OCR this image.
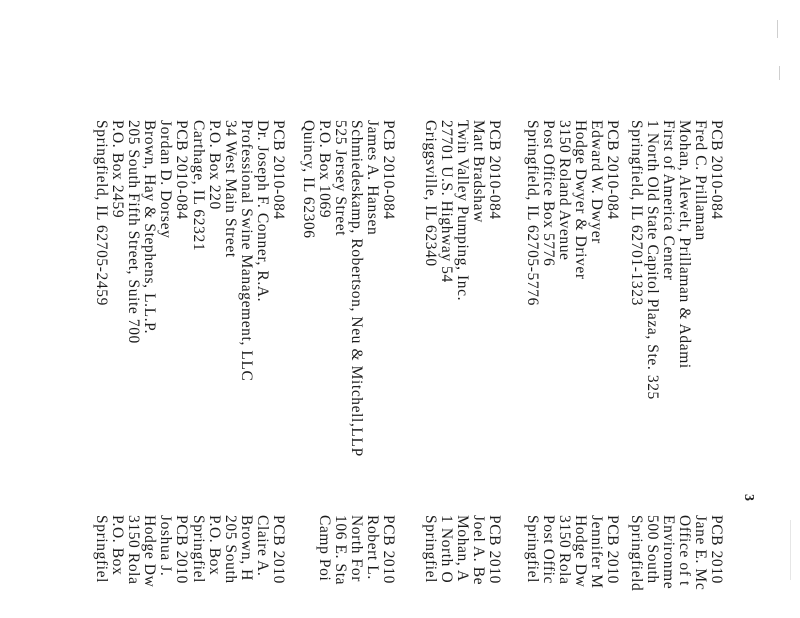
3
PCB 2010-084
Fred C. Prillaman
Mohan, Alewelt, Prillaman & Adami
First of America Center
1 North Old State Capitol Plaza, Ste. 325
Springfield, IL 62701-1323
PCB 2010-084
Edward W. Dwyer
Hodge Dwyer & Driver
3150 Roland Avenue
Post Office Box 5776
Springfield, IL 62705-5776
PCB 2010-084
Matt Bradshaw
Twin Valley Pumping, Inc.
27701 U.S. Highway 54
Griggsville, IL 62340
PCB 2010-084
James A. Hansen
Schmiedeskamp, Robertson, Neu & Mitchell,LLP
525 Jersey Street
P.O. Box 1069
Quincy, IL 62306
PCB 2010-084
Dr. Joseph F. Conner, R.A.
Professional Swine Management, LLC
34 West Main Street
P.O. Box 220
Carthage, IL 62321
PCB 2010-084
Jordan D. Dorsey
Brown, Hay & Stephens, L.L.P.
205 South Fifth Street, Suite 700
P.O. Box 2459
Springfield, IL 62705-2459
PCB 2010
Jane E. Mc
Office of t
Environme
500 South
Springfield
PCB 2010
Jennifer M
Hodge Dw
3150 Rola
Post Offic
Springfiel
PCB 2010
Joel A. Be
Mohan, A
1 North O
Springfiel
PCB 2010
Robert L.
North For
106 E. Sta
Camp Poi
PCB 2010
Claire A.
Brown, H
205 South
P.O. Box
Springfiel
PCB 2010
Joshua J.
Hodge Dw
3150 Rola
P.O. Box
Springfiel
